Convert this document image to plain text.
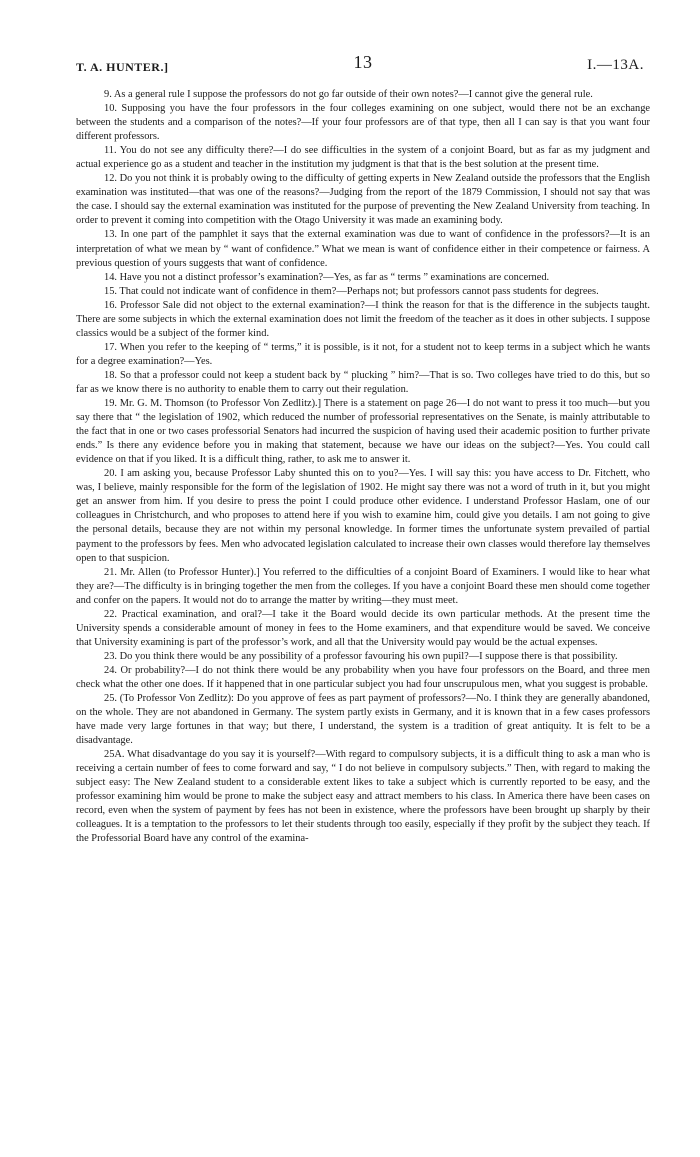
T. A. HUNTER.]	13	I.—13A.

9. As a general rule I suppose the professors do not go far outside of their own notes?—I cannot give the general rule.

10. Supposing you have the four professors in the four colleges examining on one subject, would there not be an exchange between the students and a comparison of the notes?—If your four professors are of that type, then all I can say is that you want four different professors.

11. You do not see any difficulty there?—I do see difficulties in the system of a conjoint Board, but as far as my judgment and actual experience go as a student and teacher in the institution my judgment is that that is the best solution at the present time.

12. Do you not think it is probably owing to the difficulty of getting experts in New Zealand outside the professors that the English examination was instituted—that was one of the reasons?—Judging from the report of the 1879 Commission, I should not say that was the case. I should say the external examination was instituted for the purpose of preventing the New Zealand University from teaching. In order to prevent it coming into competition with the Otago University it was made an examining body.

13. In one part of the pamphlet it says that the external examination was due to want of confidence in the professors?—It is an interpretation of what we mean by “ want of confidence.” What we mean is want of confidence either in their competence or fairness. A previous question of yours suggests that want of confidence.

14. Have you not a distinct professor’s examination?—Yes, as far as “ terms ” examinations are concerned.

15. That could not indicate want of confidence in them?—Perhaps not; but professors cannot pass students for degrees.

16. Professor Sale did not object to the external examination?—I think the reason for that is the difference in the subjects taught. There are some subjects in which the external examination does not limit the freedom of the teacher as it does in other subjects. I suppose classics would be a subject of the former kind.

17. When you refer to the keeping of “ terms,” it is possible, is it not, for a student not to keep terms in a subject which he wants for a degree examination?—Yes.

18. So that a professor could not keep a student back by “ plucking ” him?—That is so. Two colleges have tried to do this, but so far as we know there is no authority to enable them to carry out their regulation.

19. Mr. G. M. Thomson (to Professor Von Zedlitz).] There is a statement on page 26—I do not want to press it too much—but you say there that “ the legislation of 1902, which reduced the number of professorial representatives on the Senate, is mainly attributable to the fact that in one or two cases professorial Senators had incurred the suspicion of having used their academic position to further private ends.” Is there any evidence before you in making that statement, because we have our ideas on the subject?—Yes. You could call evidence on that if you liked. It is a difficult thing, rather, to ask me to answer it.

20. I am asking you, because Professor Laby shunted this on to you?—Yes. I will say this: you have access to Dr. Fitchett, who was, I believe, mainly responsible for the form of the legislation of 1902. He might say there was not a word of truth in it, but you might get an answer from him. If you desire to press the point I could produce other evidence. I understand Professor Haslam, one of our colleagues in Christchurch, and who proposes to attend here if you wish to examine him, could give you details. I am not going to give the personal details, because they are not within my personal knowledge. In former times the unfortunate system prevailed of partial payment to the professors by fees. Men who advocated legislation calculated to increase their own classes would therefore lay themselves open to that suspicion.

21. Mr. Allen (to Professor Hunter).] You referred to the difficulties of a conjoint Board of Examiners. I would like to hear what they are?—The difficulty is in bringing together the men from the colleges. If you have a conjoint Board these men should come together and confer on the papers. It would not do to arrange the matter by writing—they must meet.

22. Practical examination, and oral?—I take it the Board would decide its own particular methods. At the present time the University spends a considerable amount of money in fees to the Home examiners, and that expenditure would be saved. We conceive that University examining is part of the professor’s work, and all that the University would pay would be the actual expenses.

23. Do you think there would be any possibility of a professor favouring his own pupil?—I suppose there is that possibility.

24. Or probability?—I do not think there would be any probability when you have four professors on the Board, and three men check what the other one does. If it happened that in one particular subject you had four unscrupulous men, what you suggest is probable.

25. (To Professor Von Zedlitz): Do you approve of fees as part payment of professors?—No. I think they are generally abandoned, on the whole. They are not abandoned in Germany. The system partly exists in Germany, and it is known that in a few cases professors have made very large fortunes in that way; but there, I understand, the system is a tradition of great antiquity. It is felt to be a disadvantage.

25A. What disadvantage do you say it is yourself?—With regard to compulsory subjects, it is a difficult thing to ask a man who is receiving a certain number of fees to come forward and say, “ I do not believe in compulsory subjects.” Then, with regard to making the subject easy: The New Zealand student to a considerable extent likes to take a subject which is currently reported to be easy, and the professor examining him would be prone to make the subject easy and attract members to his class. In America there have been cases on record, even when the system of payment by fees has not been in existence, where the professors have been brought up sharply by their colleagues. It is a temptation to the professors to let their students through too easily, especially if they profit by the subject they teach. If the Professorial Board have any control of the examina-
